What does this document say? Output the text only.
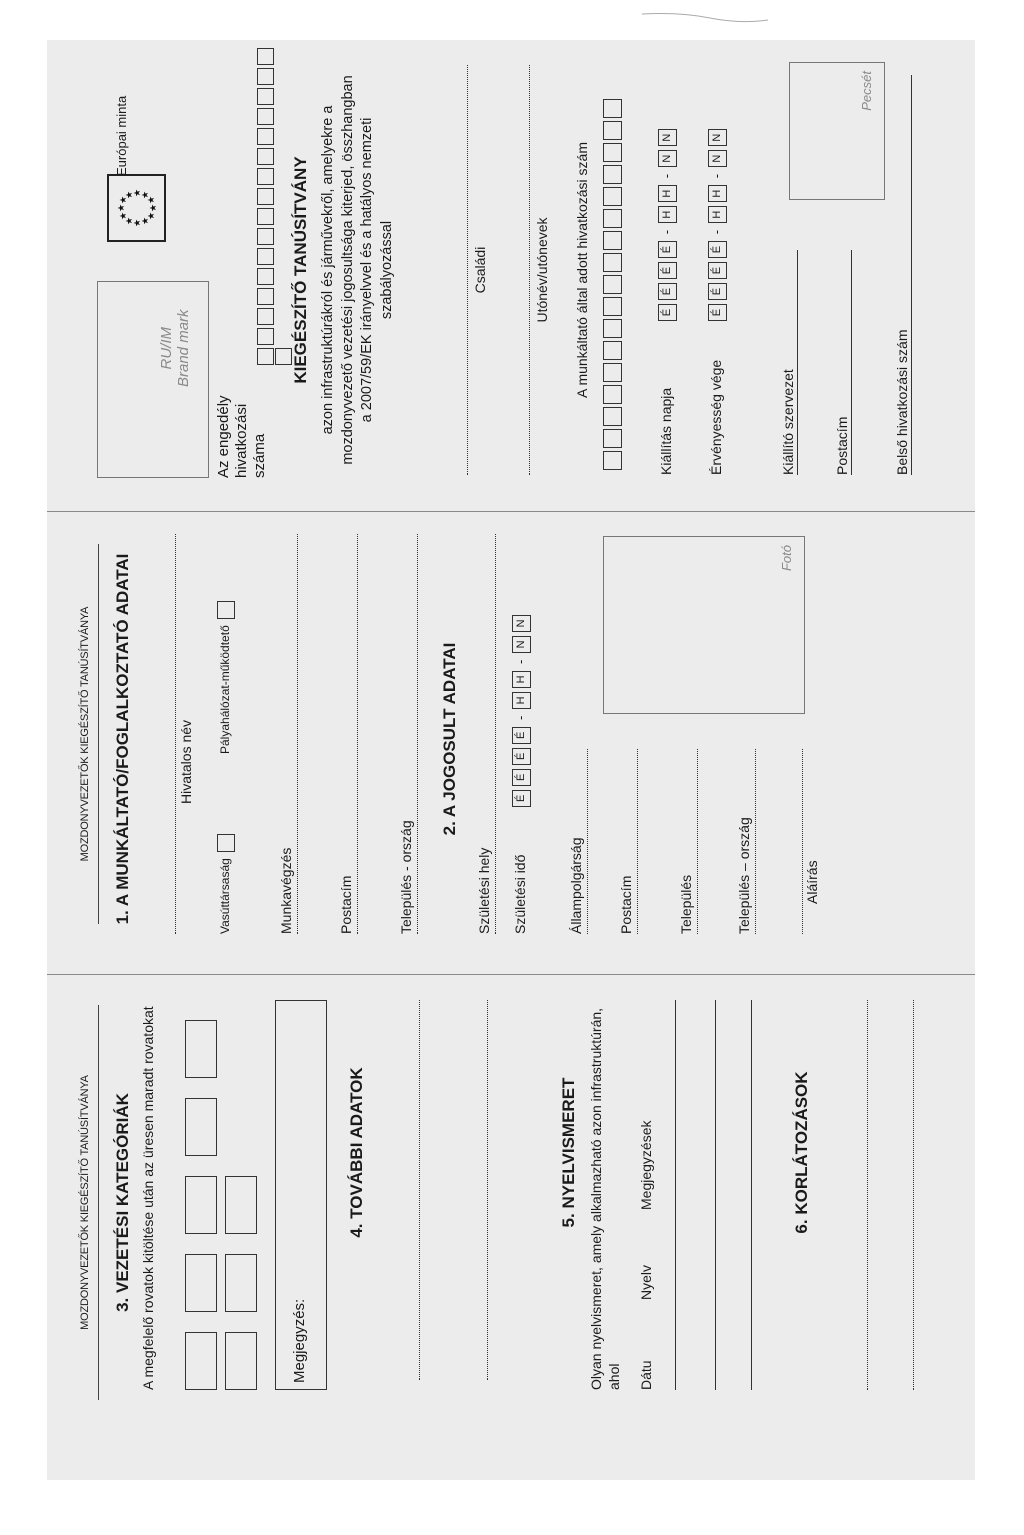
MOZDONYVEZETŐK KIEGÉSZÍTŐ TANÚSÍTVÁNYA	3. VEZETÉSI KATEGÓRIÁK A megfelelő rovatok kitöltése után az üresen maradt rovatokat	Megjegyzés:
4. TOVÁBBI ADATOK	5. NYELVISMERET Olyan nyelvismeret, amely alkalmazható azon infrastruktúrán, ahol Dátu
Nyelv
Megjegyzések	6. KORLÁTOZÁSOK
MOZDONYVEZETŐK KIEGÉSZÍTŐ TANÚSÍTVÁNYA	1. A MUNKÁLTATÓ/FOGLALKOZTATÓ ADATAI	Hivatalos név
Vasúttársaság
Pályahálózat-működtető
Munkavégzés	Postacím	Település - ország
2. A JOGOSULT ADATAI
Születési hely Születési idő  ÉÉÉÉ-HH-NN
Állampolgárság Postacím	Település	Település – ország	Aláírás
Fotó
RU/IM Brand mark
★
★
★
★
★
★
★
★
★
★
★
★
Európai minta
Az engedély hivatkozási száma
KIEGÉSZÍTŐ TANÚSÍTVÁNY azon infrastruktúrákról és járművekről, amelyekre a mozdonyvezető vezetési jogosultsága kiterjed, összhangban a 2007/59/EK irányelvvel és a hatályos nemzeti szabályozással	Családi	Utónév/utónevek A munkáltató által adott hivatkozási szám
Kiállítás napja ÉÉÉÉ-HH-NN
Érvényesség vége ÉÉÉÉ-HH-NN
Kiállító szervezet	Postacím	Belső hivatkozási szám
Pecsét
